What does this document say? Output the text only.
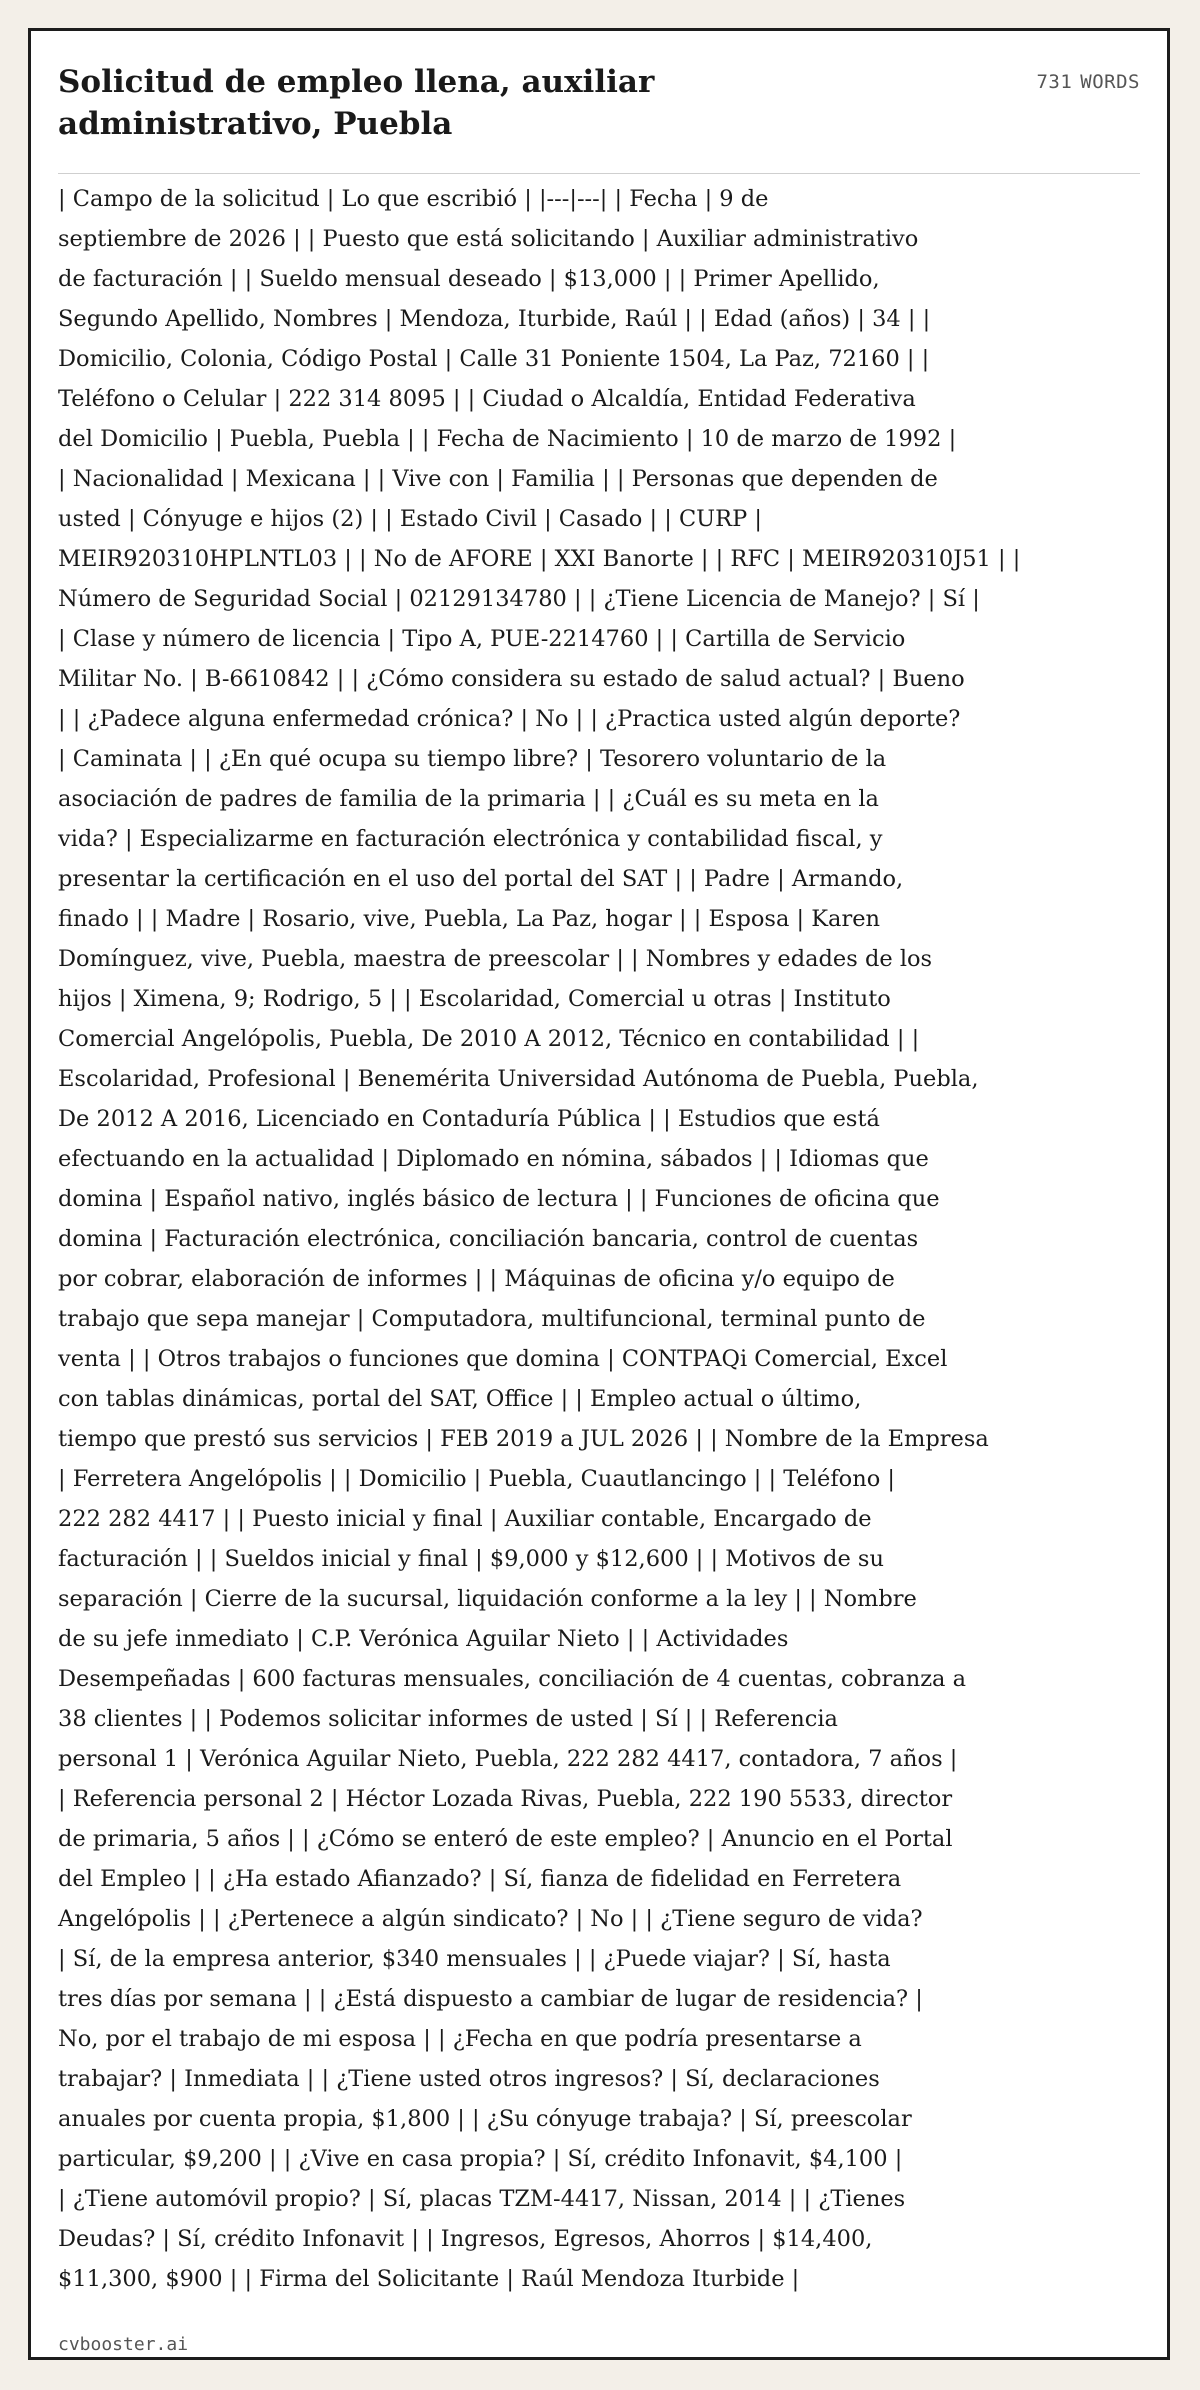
Solicitud de empleo llena, auxiliar administrativo, Puebla
731 WORDS

| Campo de la solicitud | Lo que escribió | |---|---| | Fecha | 9 de
septiembre de 2026 | | Puesto que está solicitando | Auxiliar administrativo
de facturación | | Sueldo mensual deseado | $13,000 | | Primer Apellido,
Segundo Apellido, Nombres | Mendoza, Iturbide, Raúl | | Edad (años) | 34 | |
Domicilio, Colonia, Código Postal | Calle 31 Poniente 1504, La Paz, 72160 | |
Teléfono o Celular | 222 314 8095 | | Ciudad o Alcaldía, Entidad Federativa
del Domicilio | Puebla, Puebla | | Fecha de Nacimiento | 10 de marzo de 1992 |
| Nacionalidad | Mexicana | | Vive con | Familia | | Personas que dependen de
usted | Cónyuge e hijos (2) | | Estado Civil | Casado | | CURP |
MEIR920310HPLNTL03 | | No de AFORE | XXI Banorte | | RFC | MEIR920310J51 | |
Número de Seguridad Social | 02129134780 | | ¿Tiene Licencia de Manejo? | Sí |
| Clase y número de licencia | Tipo A, PUE-2214760 | | Cartilla de Servicio
Militar No. | B-6610842 | | ¿Cómo considera su estado de salud actual? | Bueno
| | ¿Padece alguna enfermedad crónica? | No | | ¿Practica usted algún deporte?
| Caminata | | ¿En qué ocupa su tiempo libre? | Tesorero voluntario de la
asociación de padres de familia de la primaria | | ¿Cuál es su meta en la
vida? | Especializarme en facturación electrónica y contabilidad fiscal, y
presentar la certificación en el uso del portal del SAT | | Padre | Armando,
finado | | Madre | Rosario, vive, Puebla, La Paz, hogar | | Esposa | Karen
Domínguez, vive, Puebla, maestra de preescolar | | Nombres y edades de los
hijos | Ximena, 9; Rodrigo, 5 | | Escolaridad, Comercial u otras | Instituto
Comercial Angelópolis, Puebla, De 2010 A 2012, Técnico en contabilidad | |
Escolaridad, Profesional | Benemérita Universidad Autónoma de Puebla, Puebla,
De 2012 A 2016, Licenciado en Contaduría Pública | | Estudios que está
efectuando en la actualidad | Diplomado en nómina, sábados | | Idiomas que
domina | Español nativo, inglés básico de lectura | | Funciones de oficina que
domina | Facturación electrónica, conciliación bancaria, control de cuentas
por cobrar, elaboración de informes | | Máquinas de oficina y/o equipo de
trabajo que sepa manejar | Computadora, multifuncional, terminal punto de
venta | | Otros trabajos o funciones que domina | CONTPAQi Comercial, Excel
con tablas dinámicas, portal del SAT, Office | | Empleo actual o último,
tiempo que prestó sus servicios | FEB 2019 a JUL 2026 | | Nombre de la Empresa
| Ferretera Angelópolis | | Domicilio | Puebla, Cuautlancingo | | Teléfono |
222 282 4417 | | Puesto inicial y final | Auxiliar contable, Encargado de
facturación | | Sueldos inicial y final | $9,000 y $12,600 | | Motivos de su
separación | Cierre de la sucursal, liquidación conforme a la ley | | Nombre
de su jefe inmediato | C.P. Verónica Aguilar Nieto | | Actividades
Desempeñadas | 600 facturas mensuales, conciliación de 4 cuentas, cobranza a
38 clientes | | Podemos solicitar informes de usted | Sí | | Referencia
personal 1 | Verónica Aguilar Nieto, Puebla, 222 282 4417, contadora, 7 años |
| Referencia personal 2 | Héctor Lozada Rivas, Puebla, 222 190 5533, director
de primaria, 5 años | | ¿Cómo se enteró de este empleo? | Anuncio en el Portal
del Empleo | | ¿Ha estado Afianzado? | Sí, fianza de fidelidad en Ferretera
Angelópolis | | ¿Pertenece a algún sindicato? | No | | ¿Tiene seguro de vida?
| Sí, de la empresa anterior, $340 mensuales | | ¿Puede viajar? | Sí, hasta
tres días por semana | | ¿Está dispuesto a cambiar de lugar de residencia? |
No, por el trabajo de mi esposa | | ¿Fecha en que podría presentarse a
trabajar? | Inmediata | | ¿Tiene usted otros ingresos? | Sí, declaraciones
anuales por cuenta propia, $1,800 | | ¿Su cónyuge trabaja? | Sí, preescolar
particular, $9,200 | | ¿Vive en casa propia? | Sí, crédito Infonavit, $4,100 |
| ¿Tiene automóvil propio? | Sí, placas TZM-4417, Nissan, 2014 | | ¿Tienes
Deudas? | Sí, crédito Infonavit | | Ingresos, Egresos, Ahorros | $14,400,
$11,300, $900 | | Firma del Solicitante | Raúl Mendoza Iturbide |

cvbooster.ai
